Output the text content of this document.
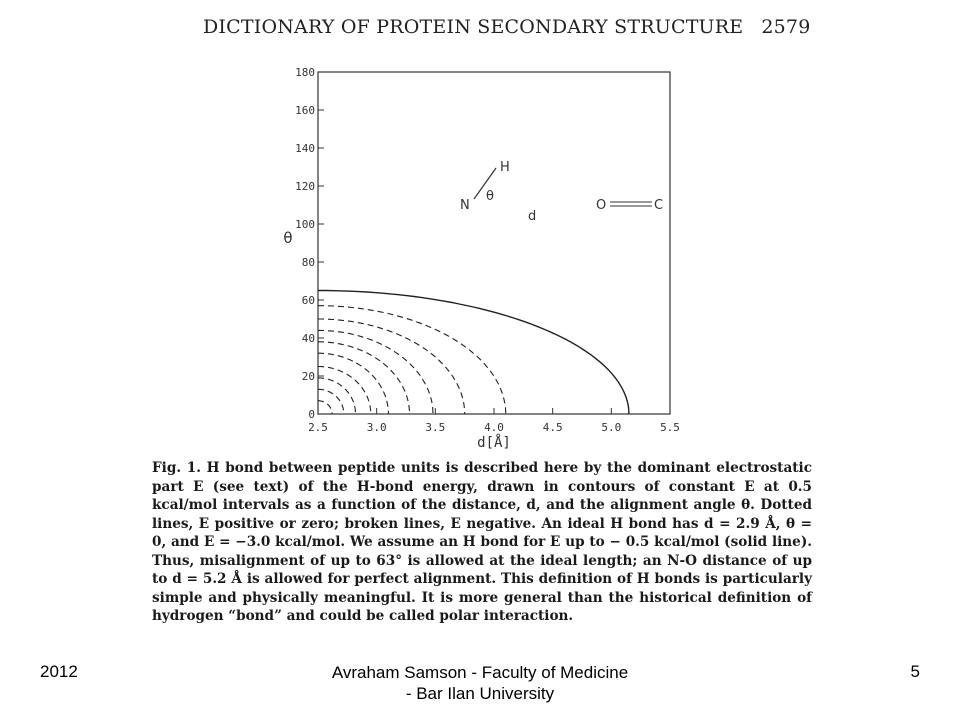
DICTIONARY OF PROTEIN SECONDARY STRUCTURE 2579
2.5	3.0	3.5	4.0	4.5	5.0	5.5
0
20
40
60
80
100
120
140
160
180
d[Å]
θ
H
N
θ
d
O	C
Fig. 1. H bond between peptide units is described here by the dominant electrostatic part E (see text) of the H-bond energy, drawn in contours of constant E at 0.5 kcal/mol intervals as a function of the distance, d, and the alignment angle θ. Dotted lines, E positive or zero; broken lines, E negative. An ideal H bond has d = 2.9 Å, θ = 0, and E = −3.0 kcal/mol. We assume an H bond for E up to − 0.5 kcal/mol (solid line). Thus, misalignment of up to 63° is allowed at the ideal length; an N-O distance of up to d = 5.2 Å is allowed for perfect alignment. This definition of H bonds is particularly simple and physically meaningful. It is more general than the historical definition of hydrogen “bond” and could be called polar interaction.
2012	Avraham Samson - Faculty of Medicine - Bar Ilan University
5
